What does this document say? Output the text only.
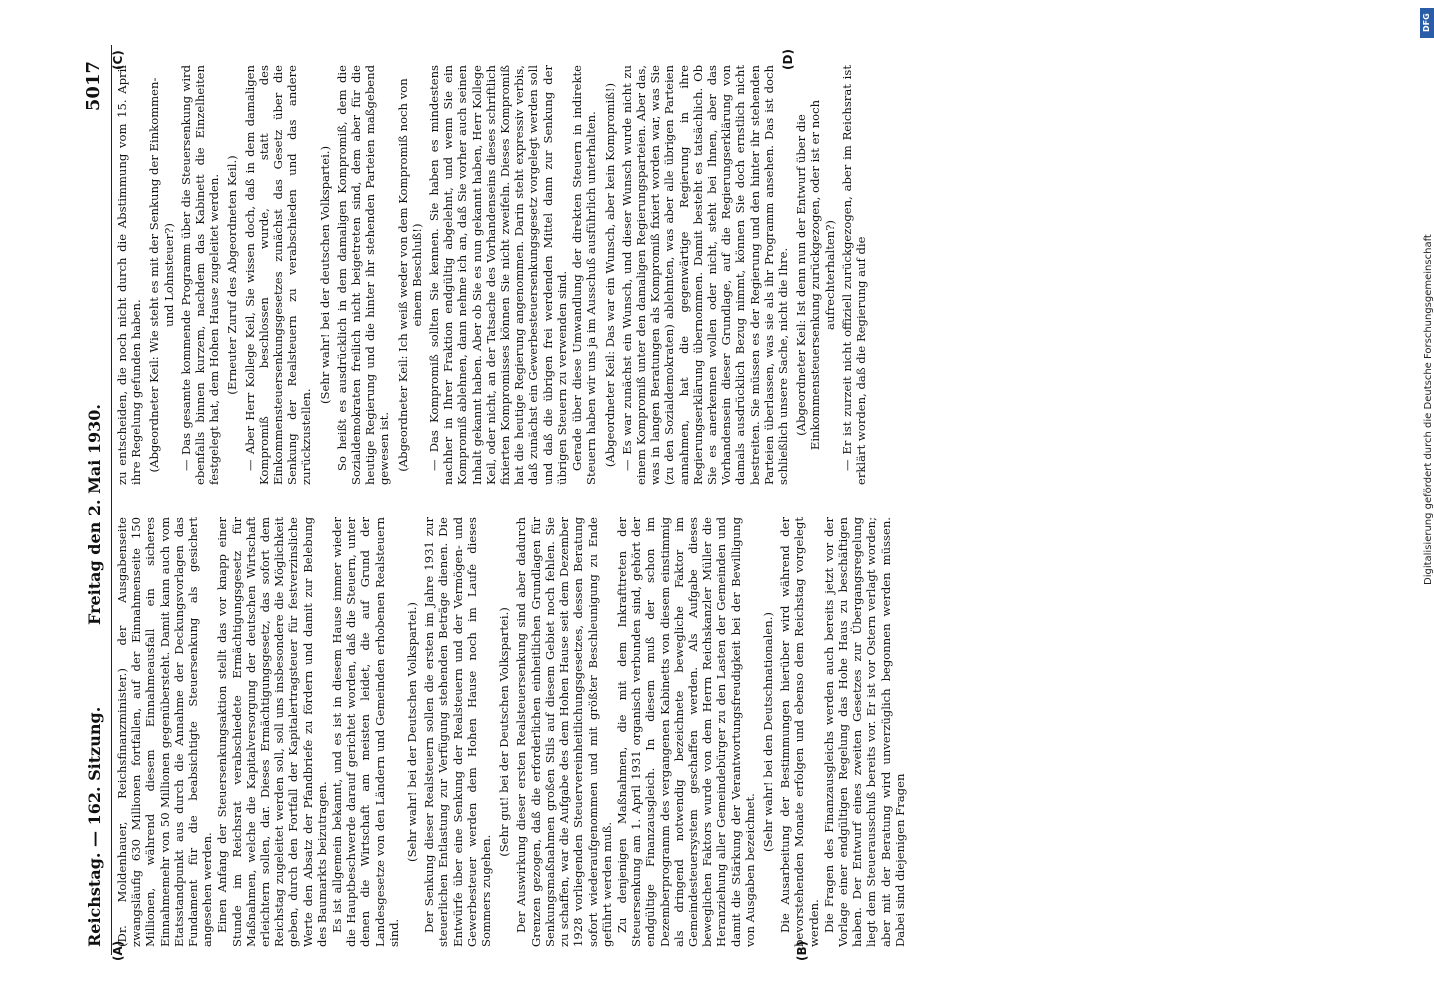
Reichstag. — 162. Sitzung.
Freitag den 2. Mai 1930.
5017
(A)	(B)
(C)	(D)

(Dr. Moldenhauer, Reichsfinanzminister.) der Ausgabenseite zwangsläufig 630 Millionen fortfallen, auf der Einnahmenseite 150 Millionen, während diesem Einnahmeausfall ein sicheres Einnahmemehr von 50 Millionen gegenübersteht. Damit kann auch vom Etatsstandpunkt aus durch die Annahme der Deckungsvorlagen das Fundament für die beabsichtigte Steuersenkung als gesichert angesehen werden. Einen Anfang der Steuersenkungsaktion stellt das vor knapp einer Stunde im Reichsrat verabschiedete Ermächtigungsgesetz für Maßnahmen, welche die Kapitalversorgung der deutschen Wirtschaft erleichtern sollen, dar. Dieses Ermächtigungsgesetz, das sofort dem Reichstag zugeleitet werden soll, soll uns insbesondere die Möglichkeit geben, durch den Fortfall der Kapitalertragsteuer für festverzinsliche Werte den Absatz der Pfandbriefe zu fördern und damit zur Belebung des Baumarkts beizutragen. Es ist allgemein bekannt, und es ist in diesem Hause immer wieder die Hauptbeschwerde darauf gerichtet worden, daß die Steuern, unter denen die Wirtschaft am meisten leidet, die auf Grund der Landesgesetze von den Ländern und Gemeinden erhobenen Realsteuern sind.

(Sehr wahr! bei der Deutschen Volkspartei.) Der Senkung dieser Realsteuern sollen die ersten im Jahre 1931 zur steuerlichen Entlastung zur Verfügung stehenden Beträge dienen. Die Entwürfe über eine Senkung der Realsteuern und der Vermögen- und Gewerbesteuer werden dem Hohen Hause noch im Laufe dieses Sommers zugehen.

(Sehr gut! bei der Deutschen Volkspartei.) Der Auswirkung dieser ersten Realsteuersenkung sind aber dadurch Grenzen gezogen, daß die erforderlichen einheitlichen Grundlagen für Senkungsmaßnahmen großen Stils auf diesem Gebiet noch fehlen. Sie zu schaffen, war die Aufgabe des dem Hohen Hause seit dem Dezember 1928 vorliegenden Steuervereinheitlichungsgesetzes, dessen Beratung sofort wiederaufgenommen und mit größter Beschleunigung zu Ende geführt werden muß. Zu denjenigen Maßnahmen, die mit dem Inkrafttreten der Steuersenkung am 1. April 1931 organisch verbunden sind, gehört der endgültige Finanzausgleich. In diesem muß der schon im Dezemberprogramm des vergangenen Kabinetts von diesem einstimmig als dringend notwendig bezeichnete bewegliche Faktor im Gemeindesteuersystem geschaffen werden. Als Aufgabe dieses beweglichen Faktors wurde von dem Herrn Reichskanzler Müller die Heranziehung aller Gemeindebürger zu den Lasten der Gemeinden und damit die Stärkung der Verantwortungsfreudigkeit bei der Bewilligung von Ausgaben bezeichnet.

(Sehr wahr! bei den Deutschnationalen.) Die Ausarbeitung der Bestimmungen hierüber wird während der bevorstehenden Monate erfolgen und ebenso dem Reichstag vorgelegt werden. Die Fragen des Finanzausgleichs werden auch bereits jetzt vor der Vorlage einer endgültigen Regelung das Hohe Haus zu beschäftigen haben. Der Entwurf eines zweiten Gesetzes zur Übergangsregelung liegt dem Steuerausschuß bereits vor. Er ist vor Ostern verlagt worden; aber mit der Beratung wird unverzüglich begonnen werden müssen. Dabei sind diejenigen Fragen

zu entscheiden, die noch nicht durch die Abstimmung vom 15. April ihre Regelung gefunden haben. (Abgeordneter Keil: Wie steht es mit der Senkung der Einkommen- und Lohnsteuer?) — Das gesamte kommende Programm über die Steuersenkung wird ebenfalls binnen kurzem, nachdem das Kabinett die Einzelheiten festgelegt hat, dem Hohen Hause zugeleitet werden. (Erneuter Zuruf des Abgeordneten Keil.) — Aber Herr Kollege Keil, Sie wissen doch, daß in dem damaligen Kompromiß beschlossen wurde, statt des Einkommensteuersenkungsgesetzes zunächst das Gesetz über die Senkung der Realsteuern zu verabschieden und das andere zurückzustellen.

(Sehr wahr! bei der deutschen Volkspartei.) So heißt es ausdrücklich in dem damaligen Kompromiß, dem die Sozialdemokraten freilich nicht beigetreten sind, dem aber für die heutige Regierung und die hinter ihr stehenden Parteien maßgebend gewesen ist. (Abgeordneter Keil: Ich weiß weder von dem Kompromiß noch von einem Beschluß!) — Das Kompromiß sollten Sie kennen. Sie haben es mindestens nachher in Ihrer Fraktion endgültig abgelehnt, und wenn Sie ein Kompromiß ablehnen, dann nehme ich an, daß Sie vorher auch seinen Inhalt gekannt haben. Aber ob Sie es nun gekannt haben, Herr Kollege Keil, oder nicht, an der Tatsache des Vorhandenseins dieses schriftlich fixierten Kompromisses können Sie nicht zweifeln. Dieses Kompromiß hat die heutige Regierung angenommen. Darin steht expressiv verbis, daß zunächst ein Gewerbesteuersenkungsgesetz vorgelegt werden soll und daß die übrigen frei werdenden Mittel dann zur Senkung der übrigen Steuern zu verwenden sind. Gerade über diese Umwandlung der direkten Steuern in indirekte Steuern haben wir uns ja im Ausschuß ausführlich unterhalten. (Abgeordneter Keil: Das war ein Wunsch, aber kein Kompromiß!) — Es war zunächst ein Wunsch, und dieser Wunsch wurde nicht zu einem Kompromiß unter den damaligen Regierungsparteien. Aber das, was in langen Beratungen als Kompromiß fixiert worden war, was Sie (zu den Sozialdemokraten) ablehnten, was aber alle übrigen Parteien annahmen, hat die gegenwärtige Regierung in ihre Regierungserklärung übernommen. Damit besteht es tatsächlich. Ob Sie es anerkennen wollen oder nicht, steht bei Ihnen, aber das Vorhandensein dieser Grundlage, auf die Regierungserklärung von damals ausdrücklich Bezug nimmt, können Sie doch ernstlich nicht bestreiten. Sie müssen es der Regierung und den hinter ihr stehenden Parteien überlassen, was sie als ihr Programm ansehen. Das ist doch schließlich unsere Sache, nicht die Ihre. (Abgeordneter Keil: Ist denn nun der Entwurf über die Einkommensteuersenkung zurückgezogen, oder ist er noch aufrechterhalten?) — Er ist zurzeit nicht offiziell zurückgezogen, aber im Reichsrat ist erklärt worden, daß die Regierung auf die

DFG
Digitalisierung gefördert durch die Deutsche Forschungsgemeinschaft
